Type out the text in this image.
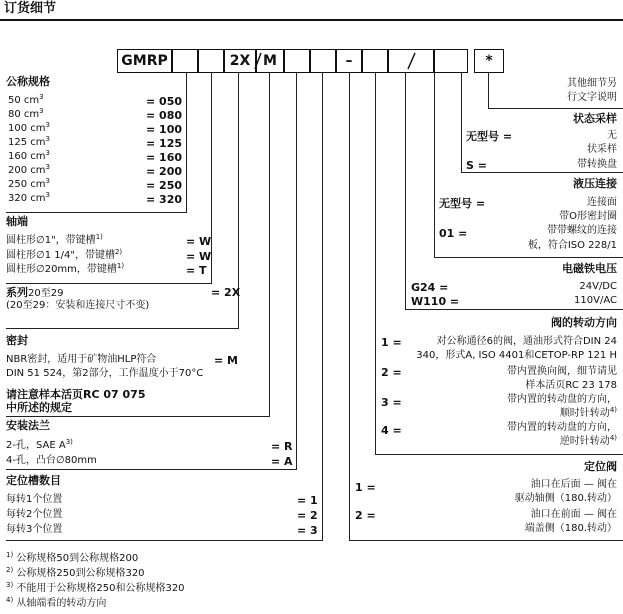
订货细节
GMRP	2X M	–	*
公称规格
50 $cm^3$	= 050
80 $cm^3$	= 080
100 $cm^3$	= 100
125 $cm^3$	= 125
160 $cm^3$	= 160
200 $cm^3$	= 200
250 $cm^3$	= 250
320 $cm^3$	= 320
轴端
圆柱形∅1"，带键槽$^{1)}$	= W
圆柱形∅1 1/4"，带键槽$^{2)}$	= W
圆柱形∅20mm，带键槽$^{1)}$	= T
系列20至29	= 2X
(20至29：安装和连接尺寸不变)
密封
NBR密封，适用于矿物油HLP符合	= M
DIN 51 524，第2部分，工作温度小于70°C
请注意样本活页RC 07 075
中所述的规定
安装法兰
2-孔，SAE $A^{3)}$	= R
4-孔，凸台∅80mm	= A
定位槽数目
每转1个位置	= 1
每转2个位置	= 2
每转3个位置	= 3
$^{1)}$ 公称规格50到公称规格200
$^{2)}$ 公称规格250到公称规格320
$^{3)}$ 不能用于公称规格250和公称规格320
$^{4)}$ 从轴端看的转动方向
其他细节另
行文字说明
状态采样
无型号 =	无
状采样
S =	带转换盘
液压连接
无型号 =	连接面
带O形密封圈
01 =	带带螺纹的连接
板，符合ISO 228/1
电磁铁电压
G24 =	24V/DC
W110 =	110V/AC
阀的转动方向
1 =	对公称通径6的阀，通油形式符合DIN 24
340，形式A, ISO 4401和CETOP-RP 121 H
2 =	带内置换向阀，细节请见
样本活页RC 23 178
3 =	带内置的转动盘的方向，
顺时针转动$^{4)}$
4 =	带内置的转动盘的方向，
逆时针转动$^{4)}$
定位阀
1 =	油口在后面 — 阀在
驱动轴侧（180.转动）
2 =	油口在前面 — 阀在
端盖侧（180.转动）
